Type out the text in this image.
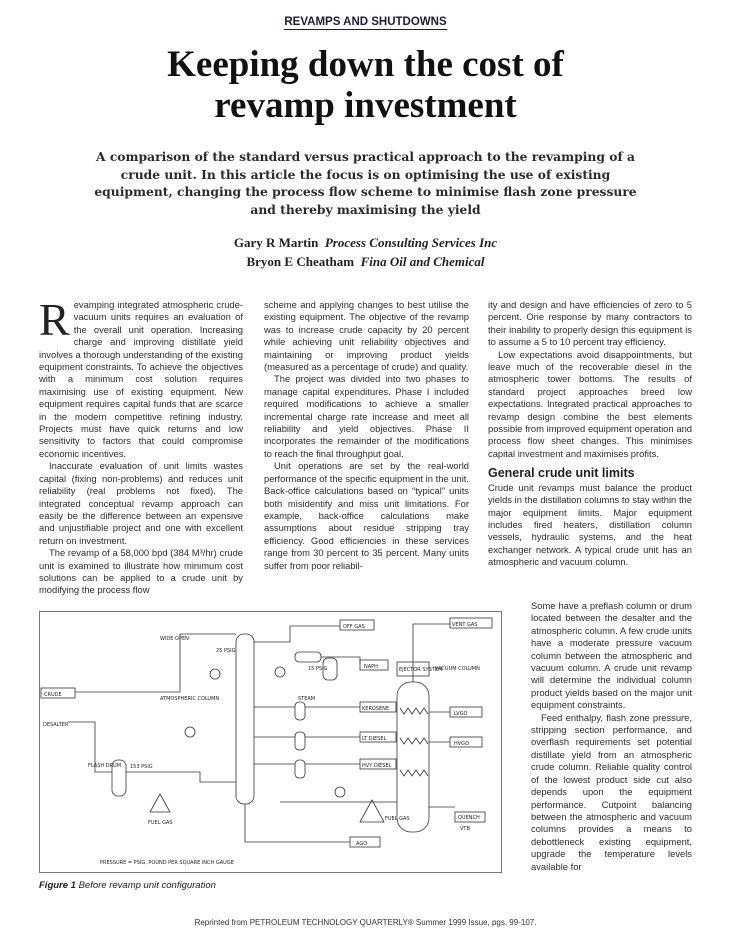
REVAMPS AND SHUTDOWNS
Keeping down the cost of
revamp investment
A comparison of the standard versus practical approach to the revamping of a crude unit. In this article the focus is on optimising the use of existing equipment, changing the process flow scheme to minimise flash zone pressure and thereby maximising the yield
Gary R Martin Process Consulting Services Inc
Bryon E Cheatham Fina Oil and Chemical

Revamping integrated atmospheric crude-vacuum units requires an evaluation of the overall unit operation. Increasing charge and improving distillate yield involves a thorough understanding of the existing equipment constraints. To achieve the objectives with a minimum cost solution requires maximising use of existing equipment. New equipment requires capital funds that are scarce in the modern competitive refining industry. Projects must have quick returns and low sensitivity to factors that could compromise economic incentives.

Inaccurate evaluation of unit limits wastes capital (fixing non-problems) and reduces unit reliability (real problems not fixed). The integrated conceptual revamp approach can easily be the difference between an expensive and unjustifiable project and one with excellent return on investment.

The revamp of a 58,000 bpd (384 M³/hr) crude unit is examined to illustrate how minimum cost solutions can be applied to a crude unit by modifying the process flow

scheme and applying changes to best utilise the existing equipment. The objective of the revamp was to increase crude capacity by 20 percent while achieving unit reliability objectives and maintaining or improving product yields (measured as a percentage of crude) and quality.

The project was divided into two phases to manage capital expenditures. Phase I included required modifications to achieve a smaller incremental charge rate increase and meet all reliability and yield objectives. Phase II incorporates the remainder of the modifications to reach the final throughput goal.

Unit operations are set by the real-world performance of the specific equipment in the unit. Back-office calculations based on “typical” units both misidentify and miss unit limitations. For example, back-office calculations make assumptions about residue stripping tray efficiency. Good efficiencies in these services range from 30 percent to 35 percent. Many units suffer from poor reliabil-

ity and design and have efficiencies of zero to 5 percent. One response by many contractors to their inability to properly design this equipment is to assume a 5 to 10 percent tray efficiency.

Low expectations avoid disappointments, but leave much of the recoverable diesel in the atmospheric tower bottoms. The results of standard project approaches breed low expectations. Integrated practical approaches to revamp design combine the best elements possible from improved equipment operation and process flow sheet changes. This minimises capital investment and maximises profits.

General crude unit limits

Crude unit revamps must balance the product yields in the distillation columns to stay within the major equipment limits. Major equipment includes fired heaters, distillation column vessels, hydraulic systems, and the heat exchanger network. A typical crude unit has an atmospheric and vacuum column.

Some have a preflash column or drum located between the desalter and the atmospheric column. A few crude units have a moderate pressure vacuum column between the atmospheric and vacuum column. A crude unit revamp will determine the individual column product yields based on the major unit equipment constraints.

Feed enthalpy, flash zone pressure, stripping section performance, and overflash requirements set potential distillate yield from an atmospheric crude column. Reliable quality control of the lowest product side cut also depends upon the equipment performance. Cutpoint balancing between the atmospheric and vacuum columns provides a means to debottleneck existing equipment, upgrade the temperature levels available for

WIDE OPEN
25 PSIG
15 PSIG
OFF GAS	VENT GAS
NAPH	EJECTOR SYSTEM
VACUUM COLUMN
CRUDE
ATMOSPHERIC COLUMN
DESALTER
STEAM
KEROSENE
LT DIESEL
HVY DIESEL
LVGO
HVGO
FLASH DRUM 153 PSIG
FUEL GAS
FUEL GAS	QUENCH
VTB
AGO
PRESSURE = PSIG, POUND PER SQUARE INCH GAUGE
Figure 1 Before revamp unit configuration
Reprinted from PETROLEUM TECHNOLOGY QUARTERLY® Summer 1999 Issue, pgs. 99-107.
